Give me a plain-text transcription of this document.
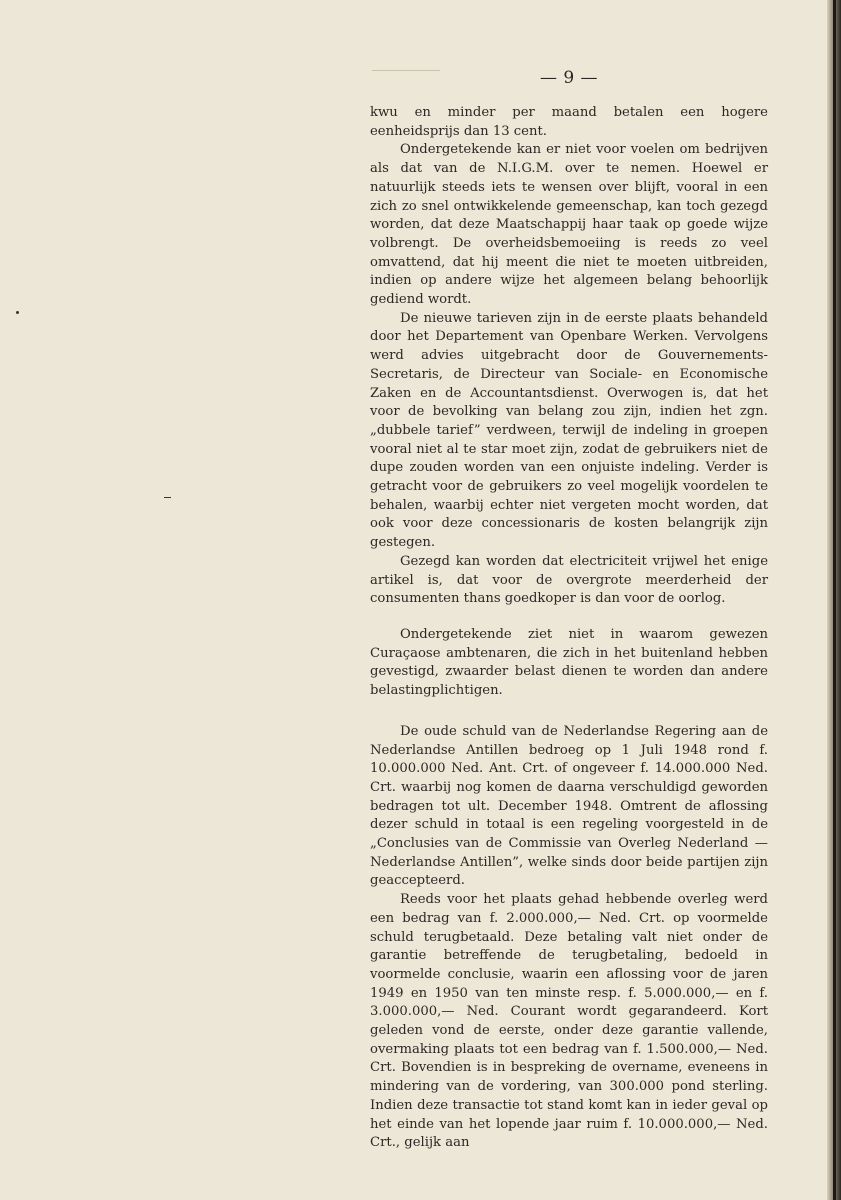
— 9 —

kwu en minder per maand betalen een hogere eenheidsprijs dan 13 cent.

Ondergetekende kan er niet voor voelen om bedrijven als dat van de N.I.G.M. over te nemen. Hoewel er natuurlijk steeds iets te wensen over blijft, vooral in een zich zo snel ontwikkelende gemeenschap, kan toch gezegd worden, dat deze Maatschappij haar taak op goede wijze volbrengt. De overheidsbemoeiing is reeds zo veel omvattend, dat hij meent die niet te moeten uitbreiden, indien op andere wijze het algemeen belang behoorlijk gediend wordt.

De nieuwe tarieven zijn in de eerste plaats behandeld door het Departement van Openbare Werken. Vervolgens werd advies uitgebracht door de Gouvernements-Secretaris, de Directeur van Sociale- en Economische Zaken en de Accountantsdienst. Overwogen is, dat het voor de bevolking van belang zou zijn, indien het zgn. „dubbele tarief” verdween, terwijl de indeling in groepen vooral niet al te star moet zijn, zodat de gebruikers niet de dupe zouden worden van een onjuiste indeling. Verder is getracht voor de gebruikers zo veel mogelijk voordelen te behalen, waarbij echter niet vergeten mocht worden, dat ook voor deze concessionaris de kosten belangrijk zijn gestegen.

Gezegd kan worden dat electriciteit vrijwel het enige artikel is, dat voor de overgrote meerderheid der consumenten thans goedkoper is dan voor de oorlog.

Ondergetekende ziet niet in waarom gewezen Curaçaose ambtenaren, die zich in het buitenland hebben gevestigd, zwaarder belast dienen te worden dan andere belastingplichtigen.

De oude schuld van de Nederlandse Regering aan de Nederlandse Antillen bedroeg op 1 Juli 1948 rond f. 10.000.000 Ned. Ant. Crt. of ongeveer f. 14.000.000 Ned. Crt. waarbij nog komen de daarna verschuldigd geworden bedragen tot ult. December 1948. Omtrent de aflossing dezer schuld in totaal is een regeling voorgesteld in de „Conclusies van de Commissie van Overleg Nederland — Nederlandse Antillen”, welke sinds door beide partijen zijn geaccepteerd.

Reeds voor het plaats gehad hebbende overleg werd een bedrag van f. 2.000.000,— Ned. Crt. op voormelde schuld terugbetaald. Deze betaling valt niet onder de garantie betreffende de terugbetaling, bedoeld in voormelde conclusie, waarin een aflossing voor de jaren 1949 en 1950 van ten minste resp. f. 5.000.000,— en f. 3.000.000,— Ned. Courant wordt gegarandeerd. Kort geleden vond de eerste, onder deze garantie vallende, overmaking plaats tot een bedrag van f. 1.500.000,— Ned. Crt. Bovendien is in bespreking de overname, eveneens in mindering van de vordering, van 300.000 pond sterling. Indien deze transactie tot stand komt kan in ieder geval op het einde van het lopende jaar ruim f. 10.000.000,— Ned. Crt., gelijk aan
